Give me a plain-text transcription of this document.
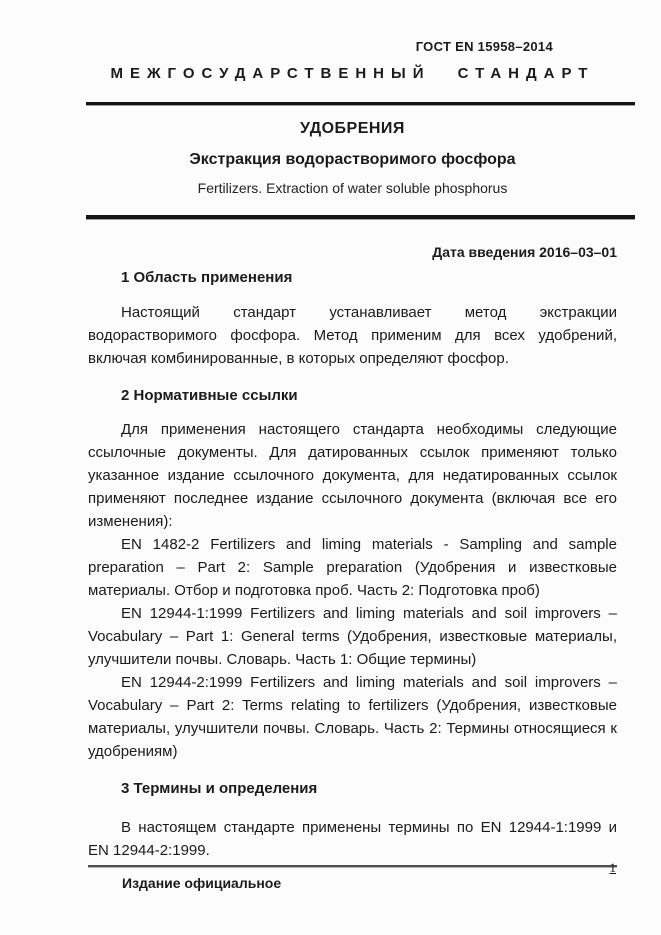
ГОСТ EN 15958–2014
МЕЖГОСУДАРСТВЕННЫЙ СТАНДАРТ
УДОБРЕНИЯ
Экстракция водорастворимого фосфора
Fertilizers. Extraction of water soluble phosphorus
Дата введения 2016–03–01
1 Область применения

Настоящий стандарт устанавливает метод экстракции водорастворимого фосфора. Метод применим для всех удобрений, включая комбинированные, в которых определяют фосфор.

2 Нормативные ссылки

Для применения настоящего стандарта необходимы следующие ссылочные документы. Для датированных ссылок применяют только указанное издание ссылочного документа, для недатированных ссылок применяют последнее издание ссылочного документа (включая все его изменения):

EN 1482-2 Fertilizers and liming materials - Sampling and sample preparation – Part 2: Sample preparation (Удобрения и известковые материалы. Отбор и подготовка проб. Часть 2: Подготовка проб)

EN 12944-1:1999 Fertilizers and liming materials and soil improvers – Vocabulary – Part 1: General terms (Удобрения, известковые материалы, улучшители почвы. Словарь. Часть 1: Общие термины)

EN 12944-2:1999 Fertilizers and liming materials and soil improvers – Vocabulary – Part 2: Terms relating to fertilizers (Удобрения, известковые материалы, улучшители почвы. Словарь. Часть 2: Термины относящиеся к удобрениям)

3 Термины и определения

В настоящем стандарте применены термины по EN 12944-1:1999 и EN 12944-2:1999.

Издание официальное
1
